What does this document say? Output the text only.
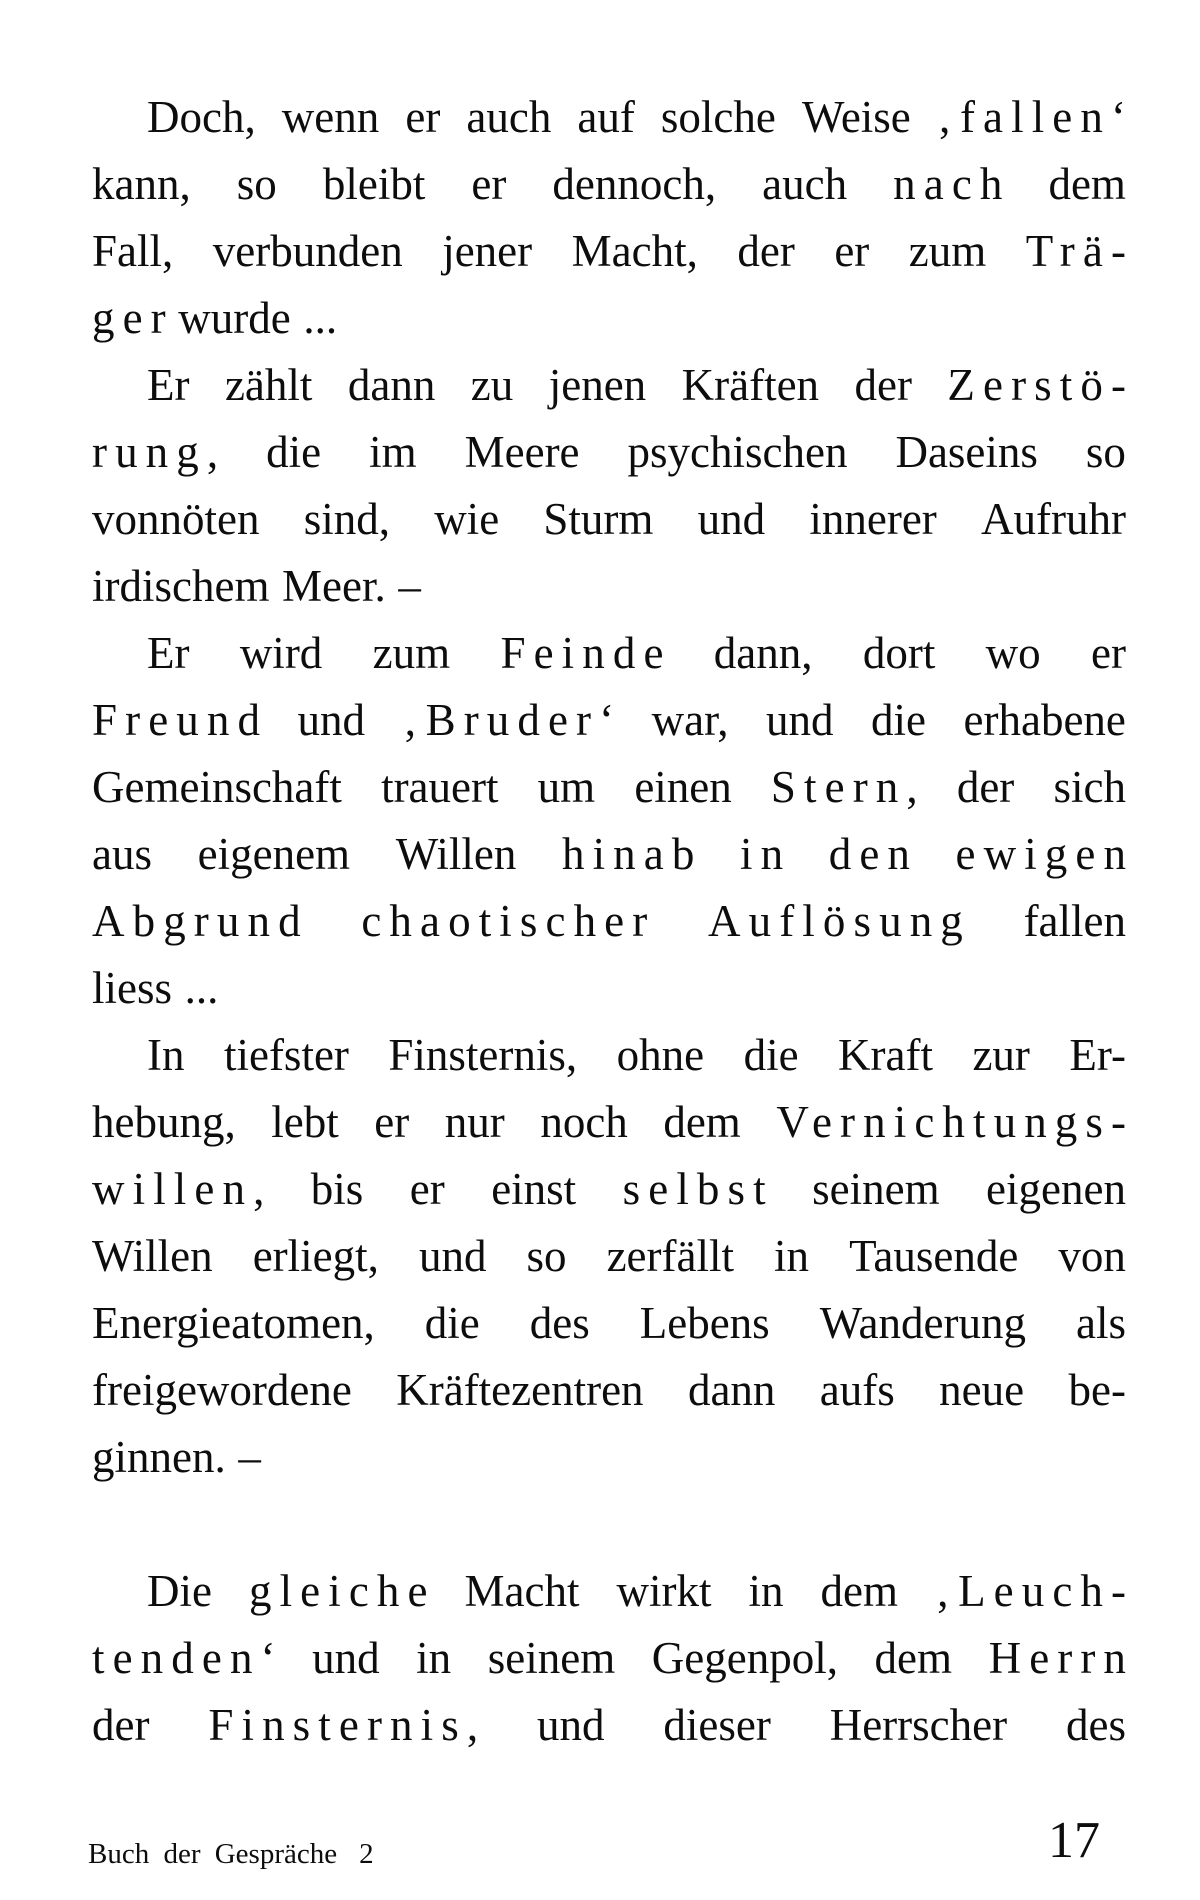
Doch, wenn er auch auf solche Weise ‚fallen‘
kann, so bleibt er dennoch, auch nach dem
Fall, verbunden jener Macht, der er zum Trä-
ger wurde ...
Er zählt dann zu jenen Kräften der Zerstö-
rung, die im Meere psychischen Daseins so
vonnöten sind, wie Sturm und innerer Aufruhr
irdischem Meer. –
Er wird zum Feinde dann, dort wo er
Freund und ‚Bruder‘ war, und die erhabene
Gemeinschaft trauert um einen Stern, der sich
aus eigenem Willen hinab in den ewigen
Abgrund chaotischer Auflösung fallen
liess ...
In tiefster Finsternis, ohne die Kraft zur Er-
hebung, lebt er nur noch dem Vernichtungs-
willen, bis er einst selbst seinem eigenen
Willen erliegt, und so zerfällt in Tausende von
Energieatomen, die des Lebens Wanderung als
freigewordene Kräftezentren dann aufs neue be-
ginnen. –
Die gleiche Macht wirkt in dem ‚Leuch-
tenden‘ und in seinem Gegenpol, dem Herrn
der Finsternis, und dieser Herrscher des
Buch der Gespräche 2	17
